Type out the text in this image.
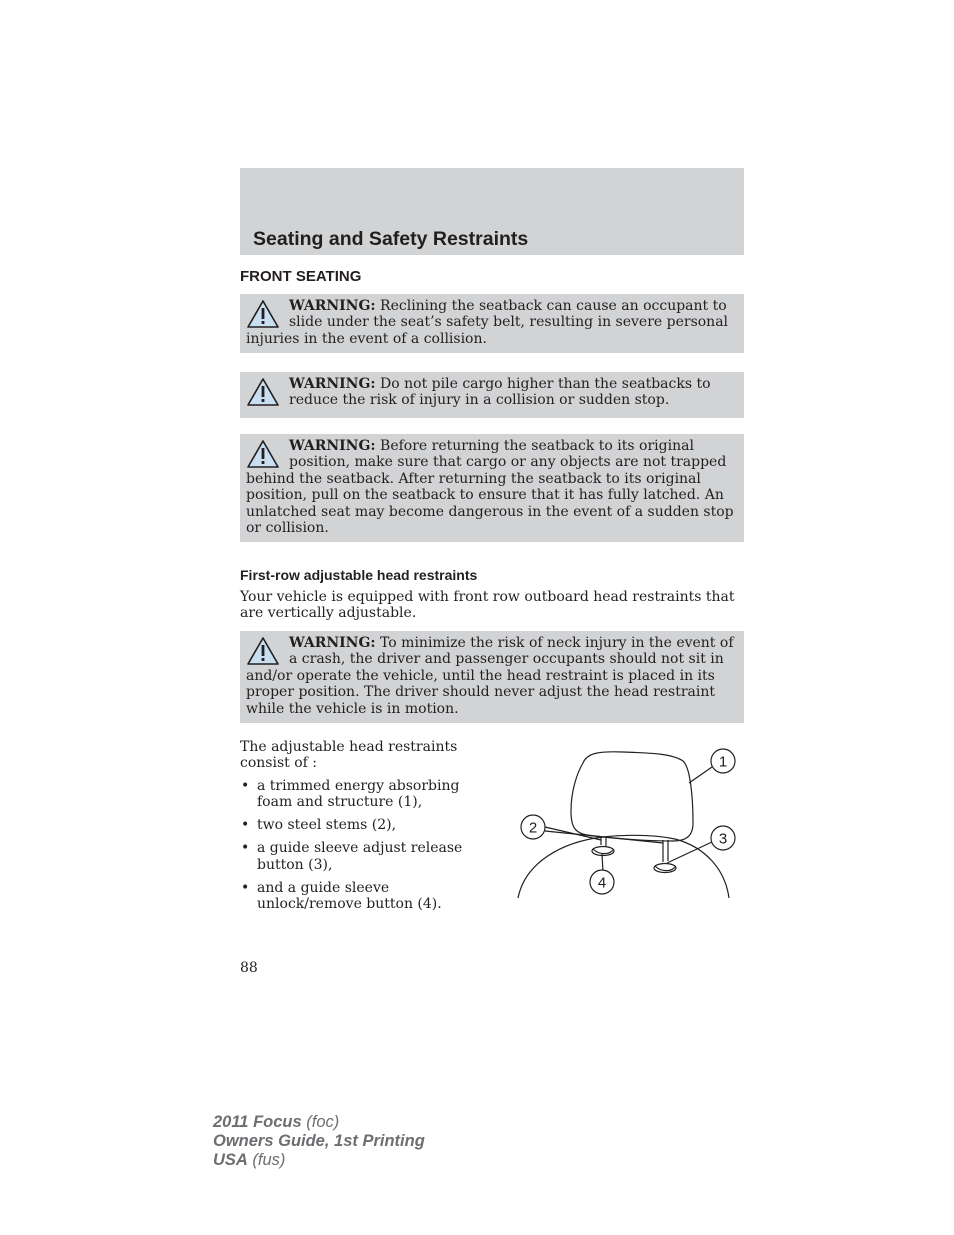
Seating and Safety Restraints
FRONT SEATING
WARNING: Reclining the seatback can cause an occupant to slide under the seat’s safety belt, resulting in severe personal injuries in the event of a collision.
WARNING: Do not pile cargo higher than the seatbacks to reduce the risk of injury in a collision or sudden stop.
WARNING: Before returning the seatback to its original position, make sure that cargo or any objects are not trapped behind the seatback. After returning the seatback to its original position, pull on the seatback to ensure that it has fully latched. An unlatched seat may become dangerous in the event of a sudden stop or collision.
First-row adjustable head restraints

Your vehicle is equipped with front row outboard head restraints that are vertically adjustable.

WARNING: To minimize the risk of neck injury in the event of a crash, the driver and passenger occupants should not sit in and/or operate the vehicle, until the head restraint is placed in its proper position. The driver should never adjust the head restraint while the vehicle is in motion.

The adjustable head restraints consist of :

• a trimmed energy absorbing foam and structure (1),
• two steel stems (2),
• a guide sleeve adjust release button (3),
• and a guide sleeve unlock/remove button (4).
1
2
3
4
88
2011 Focus (foc)
Owners Guide, 1st Printing
USA (fus)
